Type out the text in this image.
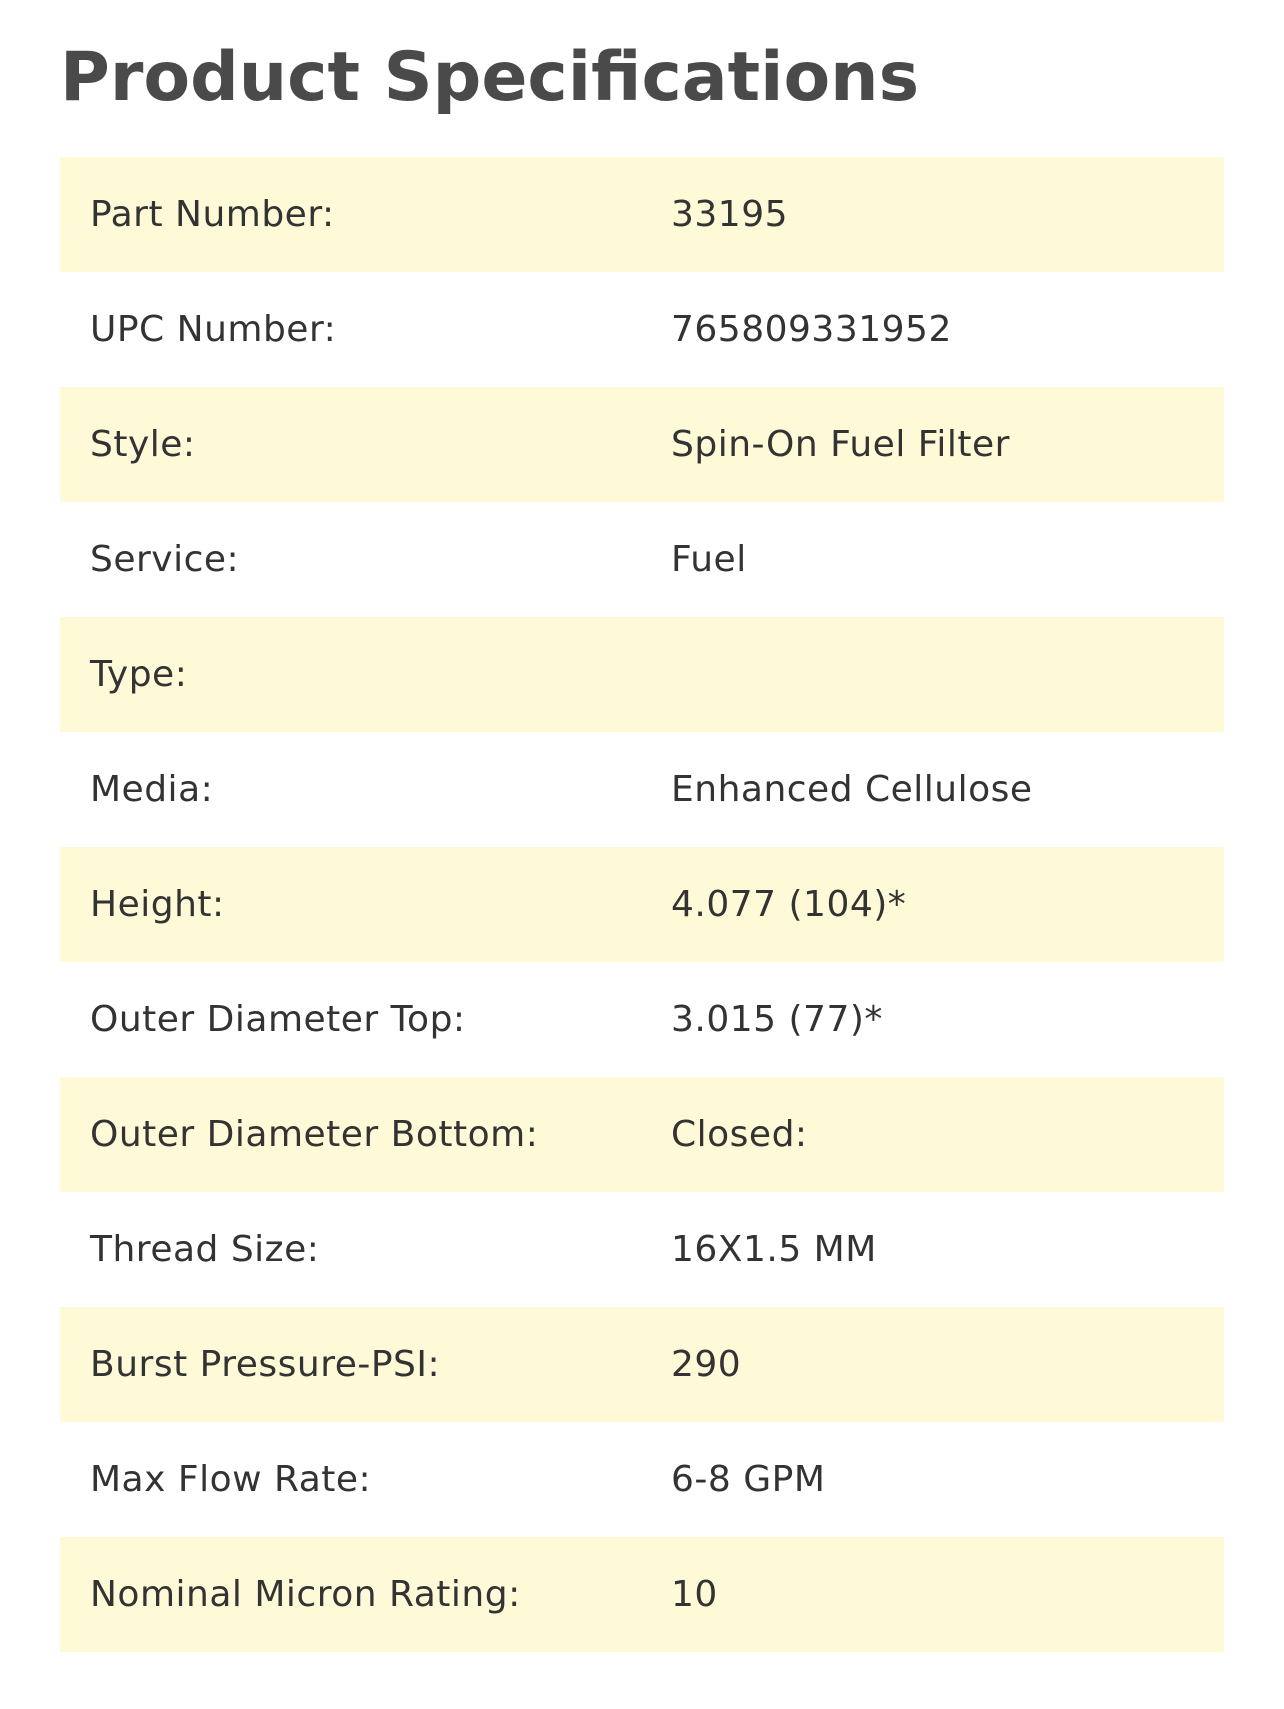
Product Specifications
Part Number:	33195
UPC Number:	765809331952
Style:	Spin-On Fuel Filter
Service:	Fuel
Type:	
Media:	Enhanced Cellulose
Height:	4.077 (104)*
Outer Diameter Top:	3.015 (77)*
Outer Diameter Bottom:	Closed:
Thread Size:	16X1.5 MM
Burst Pressure-PSI:	290
Max Flow Rate:	6-8 GPM
Nominal Micron Rating:	10
